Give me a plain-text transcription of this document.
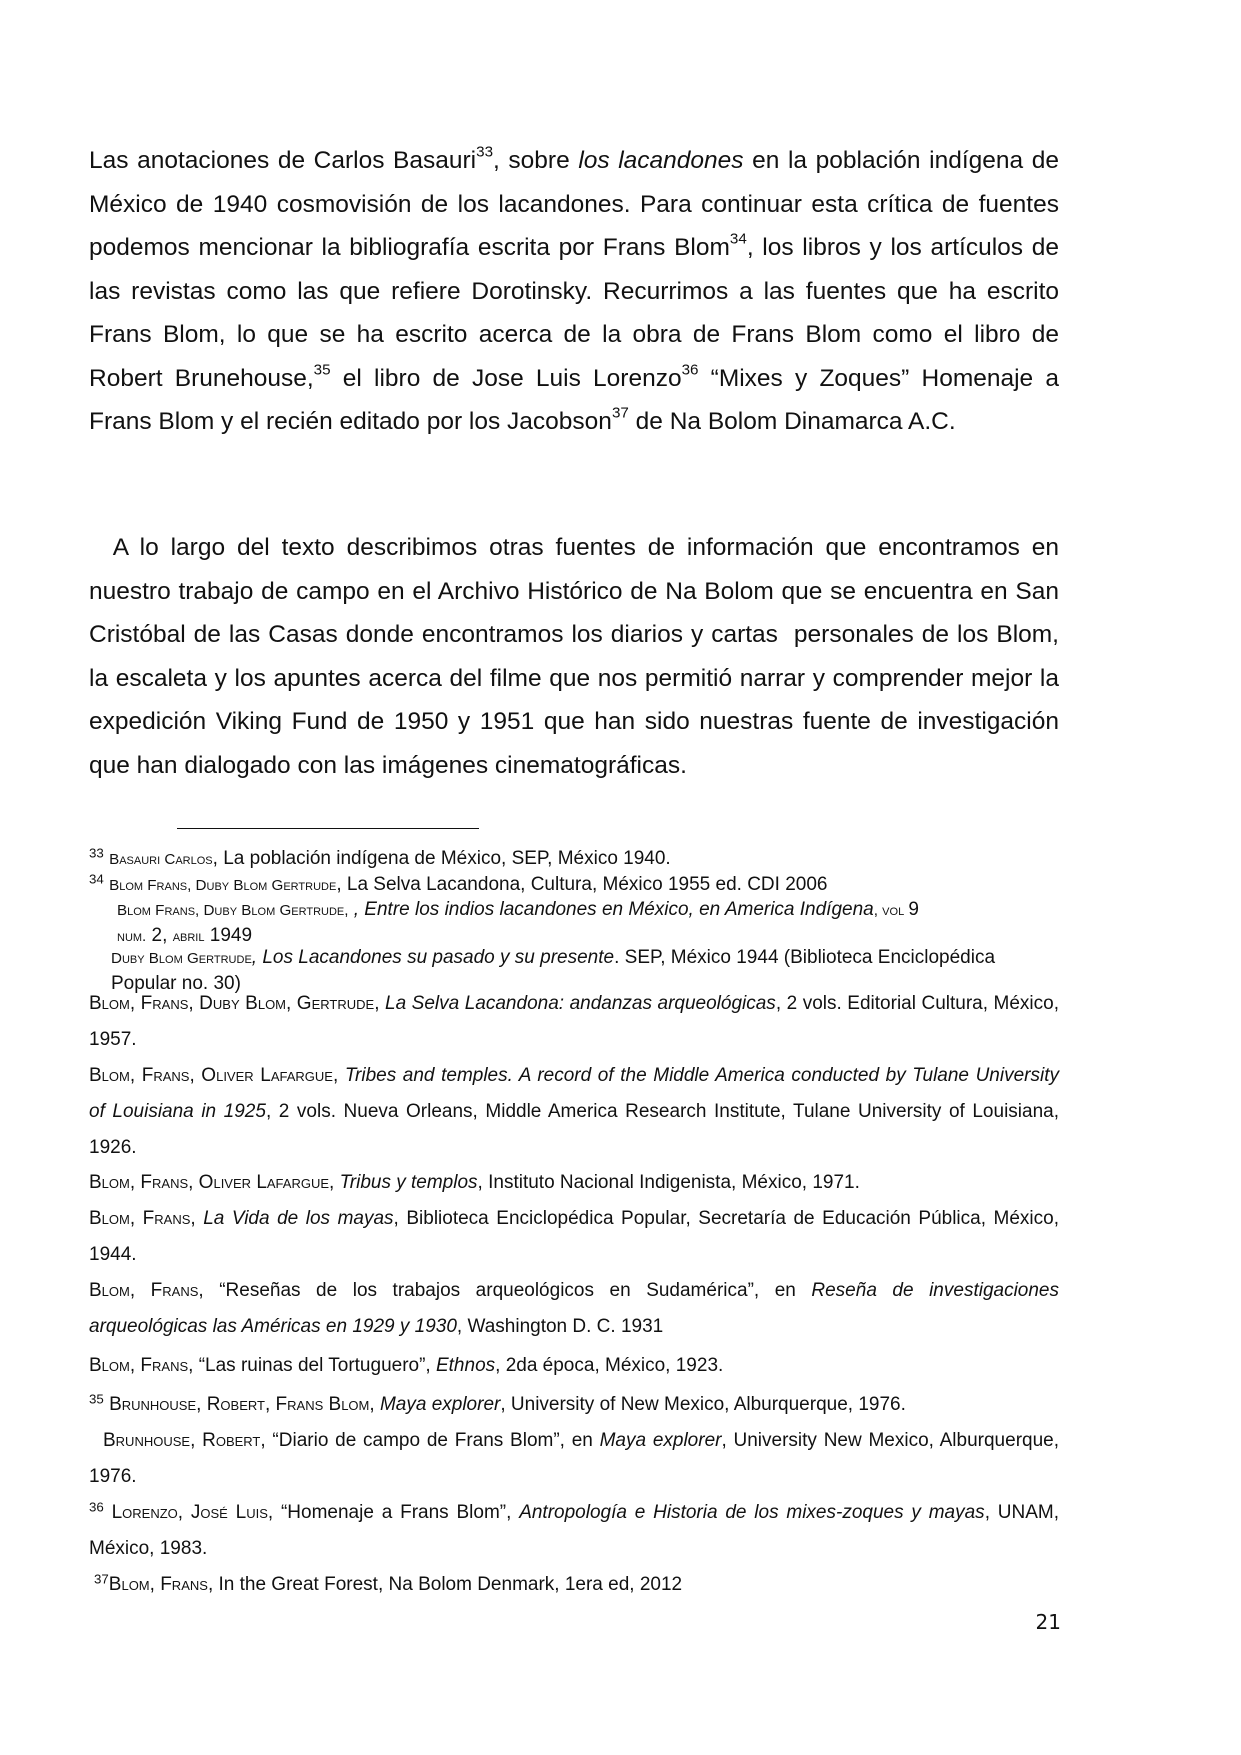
Las anotaciones de Carlos Basauri$^{33}$, sobre los lacandones en la población indígena de México de 1940 cosmovisión de los lacandones. Para continuar esta crítica de fuentes podemos mencionar la bibliografía escrita por Frans Blom$^{34}$, los libros y los artículos de las revistas como las que refiere Dorotinsky. Recurrimos a las fuentes que ha escrito Frans Blom, lo que se ha escrito acerca de la obra de Frans Blom como el libro de Robert Brunehouse,$^{35}$ el libro de Jose Luis Lorenzo$^{36}$ “Mixes y Zoques” Homenaje a Frans Blom y el recién editado por los Jacobson$^{37}$ de Na Bolom Dinamarca A.C.

A lo largo del texto describimos otras fuentes de información que encontramos en nuestro trabajo de campo en el Archivo Histórico de Na Bolom que se encuentra en San Cristóbal de las Casas donde encontramos los diarios y cartas  personales de los Blom, la escaleta y los apuntes acerca del filme que nos permitió narrar y comprender mejor la expedición Viking Fund de 1950 y 1951 que han sido nuestras fuente de investigación  que han dialogado con las imágenes cinematográficas.

$^{33}$ Basauri Carlos, La población indígena de México, SEP, México 1940.

$^{34}$ Blom Frans, Duby Blom Gertrude, La Selva Lacandona, Cultura, México 1955 ed. CDI 2006

Blom Frans, Duby Blom Gertrude, , Entre los indios lacandones en México, en America Indígena, vol 9 num. 2, abril 1949

Duby Blom Gertrude, Los Lacandones su pasado y su presente. SEP, México 1944 (Biblioteca Enciclopédica Popular no. 30)

Blom, Frans, Duby Blom, Gertrude, La Selva Lacandona: andanzas arqueológicas, 2 vols. Editorial Cultura, México, 1957.

Blom, Frans, Oliver Lafargue, Tribes and temples. A record of the Middle America conducted by Tulane University of Louisiana in 1925, 2 vols. Nueva Orleans, Middle America Research Institute, Tulane University of Louisiana, 1926.

Blom, Frans, Oliver Lafargue, Tribus y templos, Instituto Nacional Indigenista, México, 1971.

Blom, Frans, La Vida de los mayas, Biblioteca Enciclopédica Popular, Secretaría de Educación Pública, México, 1944.

Blom, Frans, “Reseñas de los trabajos arqueológicos en Sudamérica”, en Reseña de investigaciones arqueológicas las Américas en 1929 y 1930, Washington D. C. 1931

Blom, Frans, “Las ruinas del Tortuguero”, Ethnos, 2da época, México, 1923.

$^{35}$ Brunhouse, Robert, Frans Blom, Maya explorer, University of New Mexico, Alburquerque, 1976.

Brunhouse, Robert, “Diario de campo de Frans Blom”, en Maya explorer, University New Mexico, Alburquerque, 1976.

$^{36}$ Lorenzo, José Luis, “Homenaje a Frans Blom”, Antropología e Historia de los mixes-zoques y mayas, UNAM, México, 1983.

$^{37}$Blom, Frans, In the Great Forest, Na Bolom Denmark, 1era ed, 2012

21
